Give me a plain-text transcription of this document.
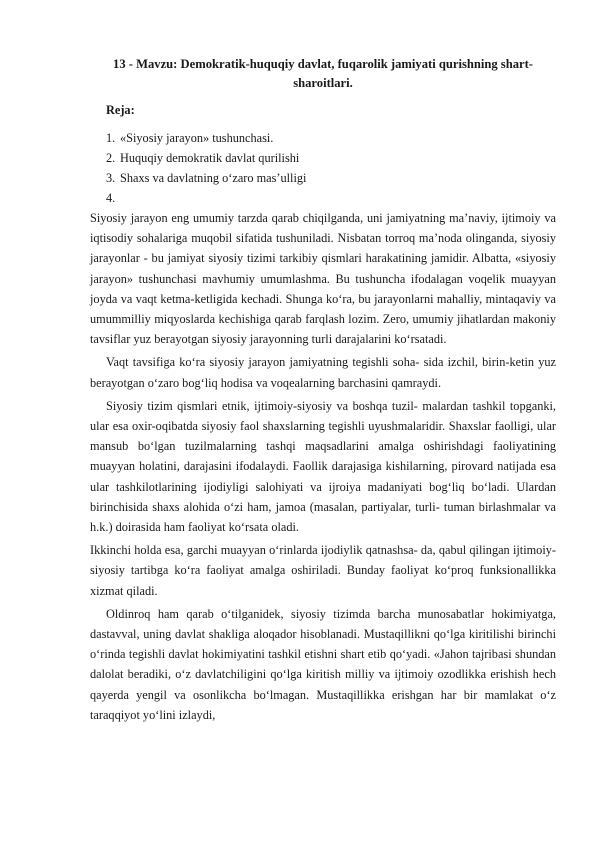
13 - Mavzu: Demokratik-huquqiy davlat, fuqarolik jamiyati qurishning shart-sharoitlari.
Reja:
1. «Siyosiy jarayon» tushunchasi.
2. Huquqiy demokratik davlat qurilishi
3. Shaxs va davlatning o‘zaro mas’ulligi
4.

Siyosiy jarayon eng umumiy tarzda qarab chiqilganda, uni jamiyatning ma’naviy, ijtimoiy va iqtisodiy sohalariga muqobil sifatida tushuniladi. Nisbatan torroq ma’noda olinganda, siyosiy jarayonlar - bu jamiyat siyosiy tizimi tarkibiy qismlari harakatining jamidir. Albatta, «siyosiy jarayon» tushunchasi mavhumiy umumlashma. Bu tushuncha ifodalagan voqelik muayyan joyda va vaqt ketma-ketligida kechadi. Shunga ko‘ra, bu jarayonlarni mahalliy, mintaqaviy va umummilliy miqyoslarda kechishiga qarab farqlash lozim. Zero, umumiy jihatlardan makoniy tavsiflar yuz berayotgan siyosiy jarayonning turli darajalarini ko‘rsatadi.

Vaqt tavsifiga ko‘ra siyosiy jarayon jamiyatning tegishli soha- sida izchil, birin-ketin yuz berayotgan o‘zaro bog‘liq hodisa va voqealarning barchasini qamraydi.

Siyosiy tizim qismlari etnik, ijtimoiy-siyosiy va boshqa tuzil- malardan tashkil topganki, ular esa oxir-oqibatda siyosiy faol shaxslarning tegishli uyushmalaridir. Shaxslar faolligi, ular mansub bo‘lgan tuzilmalarning tashqi maqsadlarini amalga oshirishdagi faoliyatining muayyan holatini, darajasini ifodalaydi. Faollik darajasiga kishilarning, pirovard natijada esa ular tashkilotlarining ijodiyligi salohiyati va ijroiya madaniyati bog‘liq bo‘ladi. Ulardan birinchisida shaxs alohida o‘zi ham, jamoa (masalan, partiyalar, turli- tuman birlashmalar va h.k.) doirasida ham faoliyat ko‘rsata oladi.

Ikkinchi holda esa, garchi muayyan o‘rinlarda ijodiylik qatnashsa- da, qabul qilingan ijtimoiy-siyosiy tartibga ko‘ra faoliyat amalga oshiriladi. Bunday faoliyat ko‘proq funksionallikka xizmat qiladi.

Oldinroq ham qarab o‘tilganidek, siyosiy tizimda barcha munosabatlar hokimiyatga, dastavval, uning davlat shakliga aloqador hisoblanadi. Mustaqillikni qo‘lga kiritilishi birinchi o‘rinda tegishli davlat hokimiyatini tashkil etishni shart etib qo‘yadi. «Jahon tajribasi shundan dalolat beradiki, o‘z davlatchiligini qo‘lga kiritish milliy va ijtimoiy ozodlikka erishish hech qayerda yengil va osonlikcha bo‘lmagan. Mustaqillikka erishgan har bir mamlakat o‘z taraqqiyot yo‘lini izlaydi,
